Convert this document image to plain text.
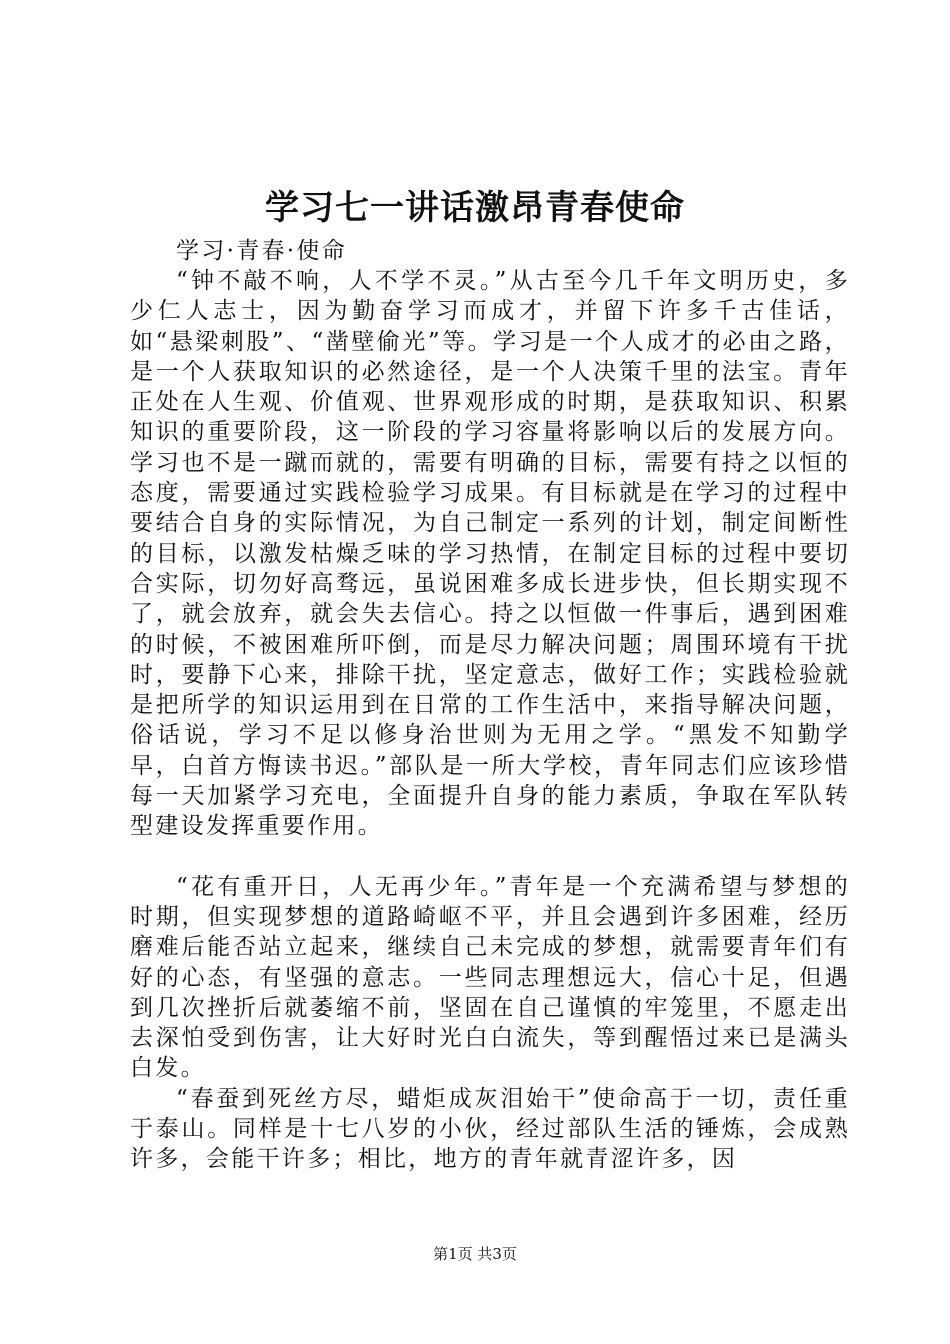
学习七一讲话激昂青春使命
学习·青春·使命

“钟不敲不响，人不学不灵。”从古至今几千年文明历史，多少仁人志士，因为勤奋学习而成才，并留下许多千古佳话，如“悬梁刺股”、“凿壁偷光”等。学习是一个人成才的必由之路，是一个人获取知识的必然途径，是一个人决策千里的法宝。青年正处在人生观、价值观、世界观形成的时期，是获取知识、积累知识的重要阶段，这一阶段的学习容量将影响以后的发展方向。学习也不是一蹴而就的，需要有明确的目标，需要有持之以恒的态度，需要通过实践检验学习成果。有目标就是在学习的过程中要结合自身的实际情况，为自己制定一系列的计划，制定间断性的目标，以激发枯燥乏味的学习热情，在制定目标的过程中要切合实际，切勿好高骛远，虽说困难多成长进步快，但长期实现不了，就会放弃，就会失去信心。持之以恒做一件事后，遇到困难的时候，不被困难所吓倒，而是尽力解决问题；周围环境有干扰时，要静下心来，排除干扰，坚定意志，做好工作；实践检验就是把所学的知识运用到在日常的工作生活中，来指导解决问题，俗话说，学习不足以修身治世则为无用之学。“黑发不知勤学早，白首方悔读书迟。”部队是一所大学校，青年同志们应该珍惜每一天加紧学习充电，全面提升自身的能力素质，争取在军队转型建设发挥重要作用。

“花有重开日，人无再少年。”青年是一个充满希望与梦想的时期，但实现梦想的道路崎岖不平，并且会遇到许多困难，经历磨难后能否站立起来，继续自己未完成的梦想，就需要青年们有好的心态，有坚强的意志。一些同志理想远大，信心十足，但遇到几次挫折后就萎缩不前，坚固在自己谨慎的牢笼里，不愿走出去深怕受到伤害，让大好时光白白流失，等到醒悟过来已是满头白发。

“春蚕到死丝方尽，蜡炬成灰泪始干”使命高于一切，责任重于泰山。同样是十七八岁的小伙，经过部队生活的锤炼，会成熟许多，会能干许多；相比，地方的青年就青涩许多，因

第1页 共3页
